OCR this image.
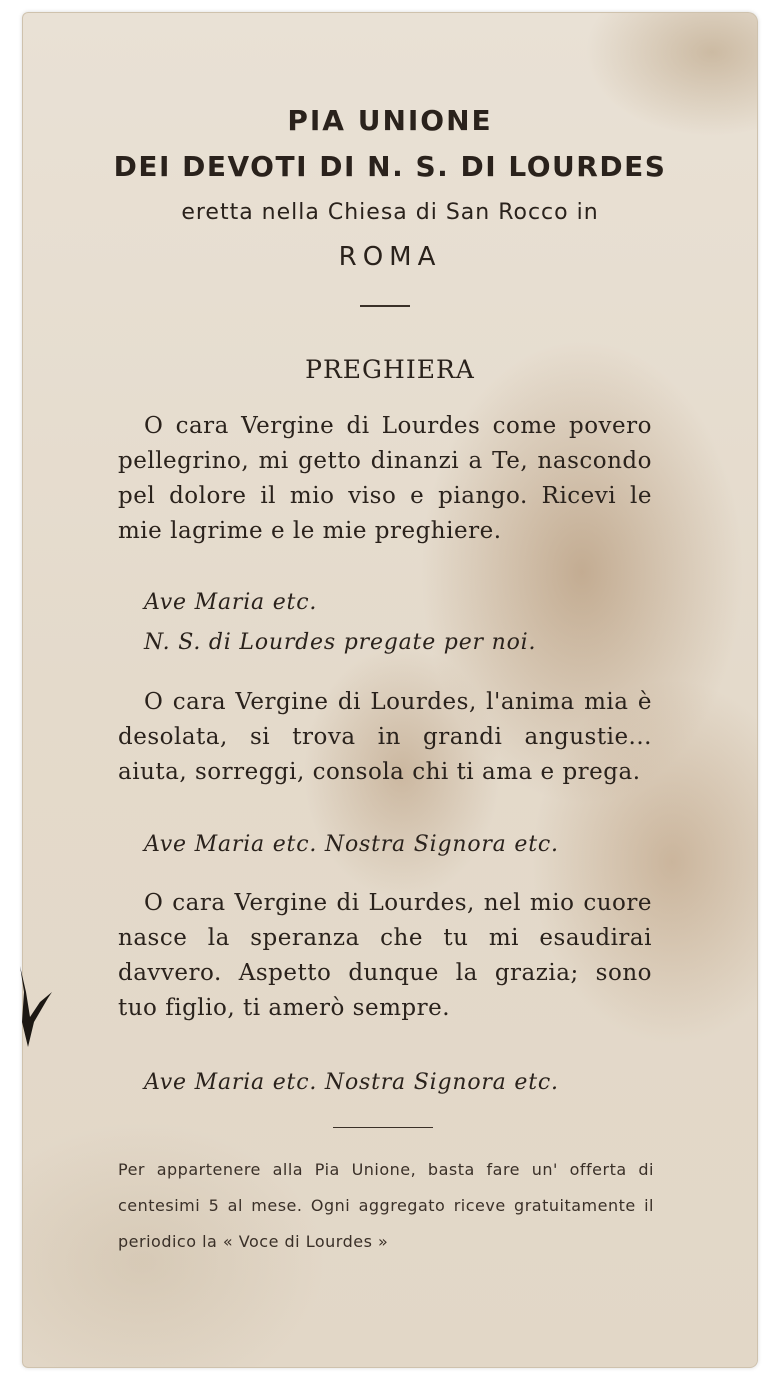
PIA UNIONE
DEI DEVOTI DI N. S. DI LOURDES
eretta nella Chiesa di San Rocco in
ROMA
PREGHIERA
O cara Vergine di Lourdes come povero pellegrino, mi getto dinanzi a Te, nascondo pel dolore il mio viso e piango. Ricevi le mie lagrime e le mie preghiere.
Ave Maria etc.
N. S. di Lourdes pregate per noi.
O cara Vergine di Lourdes, l'anima mia è desolata, si trova in grandi angustie... aiuta, sorreggi, consola chi ti ama e prega.
Ave Maria etc. Nostra Signora etc.
O cara Vergine di Lourdes, nel mio cuore nasce la speranza che tu mi esaudirai davvero. Aspetto dunque la grazia; sono tuo figlio, ti amerò sempre.
Ave Maria etc. Nostra Signora etc.
Per appartenere alla Pia Unione, basta fare un' offerta di centesimi 5 al mese. Ogni aggregato riceve gratuitamente il periodico la « Voce di Lourdes »
